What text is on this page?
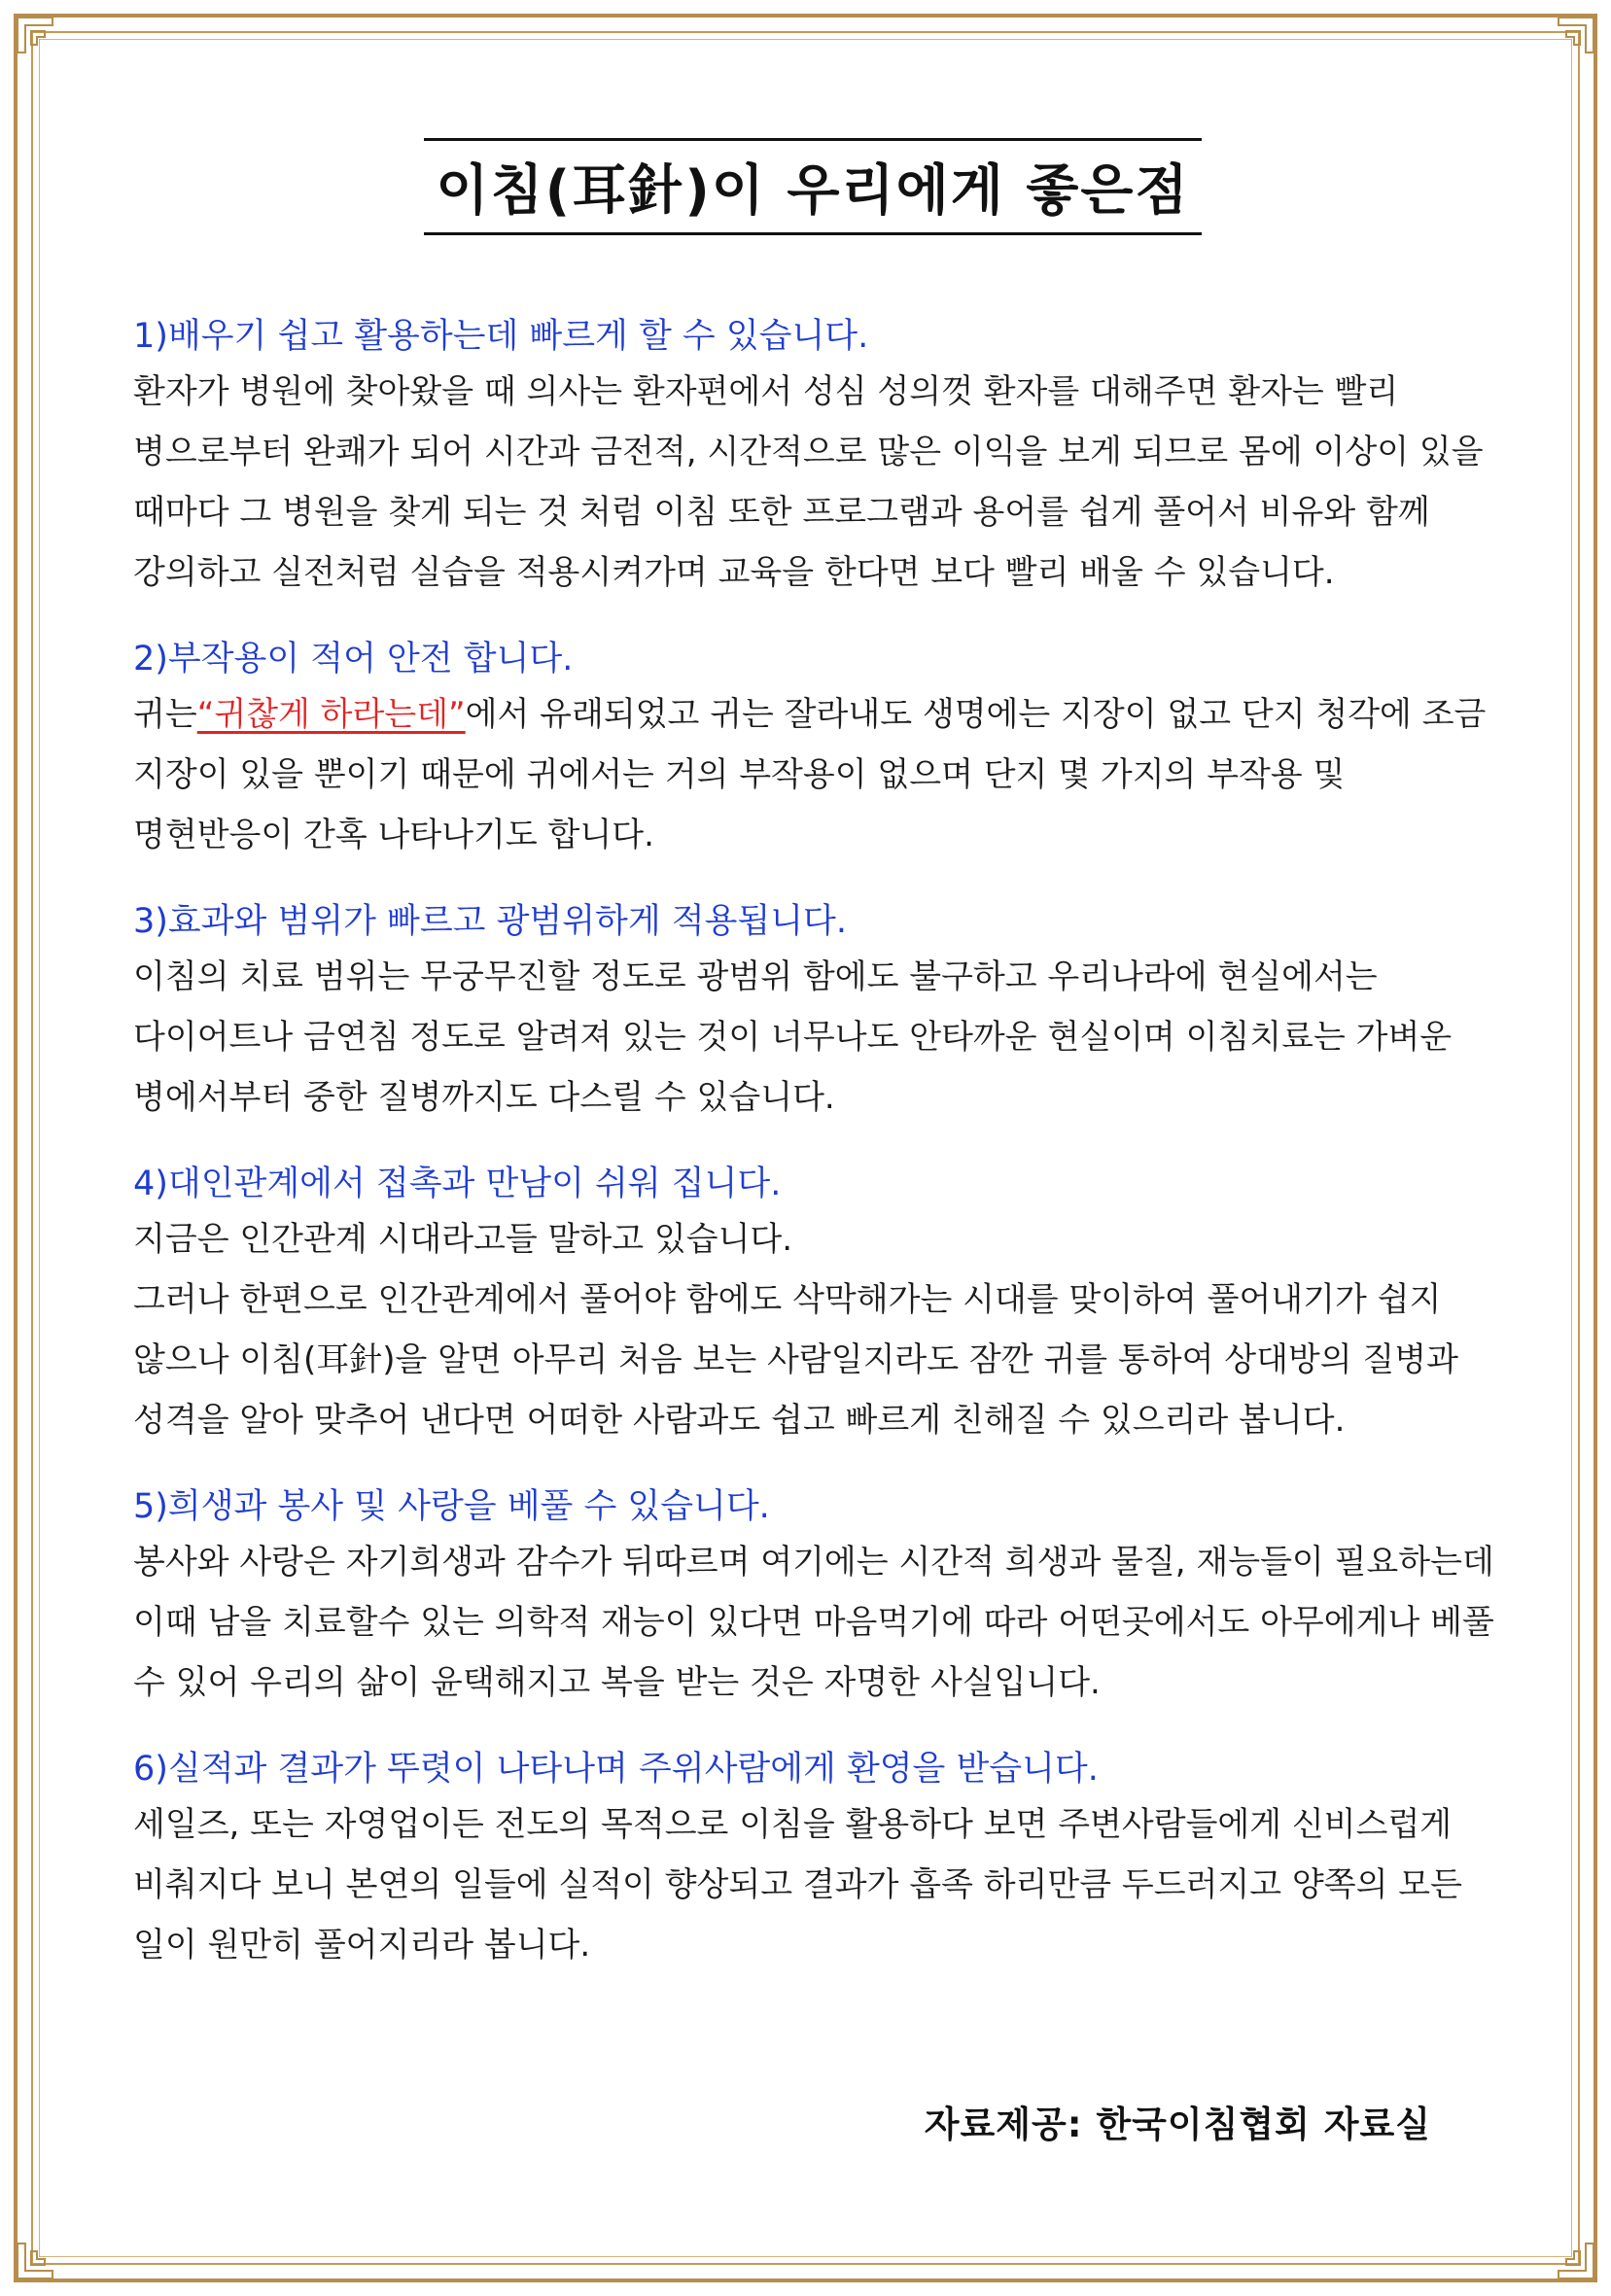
이침(耳針)이 우리에게 좋은점
1)배우기 쉽고 활용하는데 빠르게 할 수 있습니다.
환자가 병원에 찾아왔을 때 의사는 환자편에서 성심 성의껏 환자를 대해주면 환자는 빨리 병으로부터 완쾌가 되어 시간과 금전적, 시간적으로 많은 이익을 보게 되므로 몸에 이상이 있을 때마다 그 병원을 찾게 되는 것 처럼 이침 또한 프로그램과 용어를 쉽게 풀어서 비유와 함께 강의하고 실전처럼 실습을 적용시켜가며 교육을 한다면 보다 빨리 배울 수 있습니다.
2)부작용이 적어 안전 합니다.
귀는“귀찮게 하라는데”에서 유래되었고 귀는 잘라내도 생명에는 지장이 없고 단지 청각에 조금 지장이 있을 뿐이기 때문에 귀에서는 거의 부작용이 없으며 단지 몇 가지의 부작용 및 명현반응이 간혹 나타나기도 합니다.
3)효과와 범위가 빠르고 광범위하게 적용됩니다.
이침의 치료 범위는 무궁무진할 정도로 광범위 함에도 불구하고 우리나라에 현실에서는 다이어트나 금연침 정도로 알려져 있는 것이 너무나도 안타까운 현실이며 이침치료는 가벼운 병에서부터 중한 질병까지도 다스릴 수 있습니다.
4)대인관계에서 접촉과 만남이 쉬워 집니다.

지금은 인간관계 시대라고들 말하고 있습니다.

그러나 한편으로 인간관계에서 풀어야 함에도 삭막해가는 시대를 맞이하여 풀어내기가 쉽지 않으나 이침(耳針)을 알면 아무리 처음 보는 사람일지라도 잠깐 귀를 통하여 상대방의 질병과 성격을 알아 맞추어 낸다면 어떠한 사람과도 쉽고 빠르게 친해질 수 있으리라 봅니다.

5)희생과 봉사 및 사랑을 베풀 수 있습니다.
봉사와 사랑은 자기희생과 감수가 뒤따르며 여기에는 시간적 희생과 물질, 재능들이 필요하는데 이때 남을 치료할수 있는 의학적 재능이 있다면 마음먹기에 따라 어떤곳에서도 아무에게나 베풀 수 있어 우리의 삶이 윤택해지고 복을 받는 것은 자명한 사실입니다.
6)실적과 결과가 뚜렷이 나타나며 주위사람에게 환영을 받습니다.
세일즈, 또는 자영업이든 전도의 목적으로 이침을 활용하다 보면 주변사람들에게 신비스럽게 비춰지다 보니 본연의 일들에 실적이 향상되고 결과가 흡족 하리만큼 두드러지고 양쪽의 모든 일이 원만히 풀어지리라 봅니다.
자료제공: 한국이침협회 자료실
